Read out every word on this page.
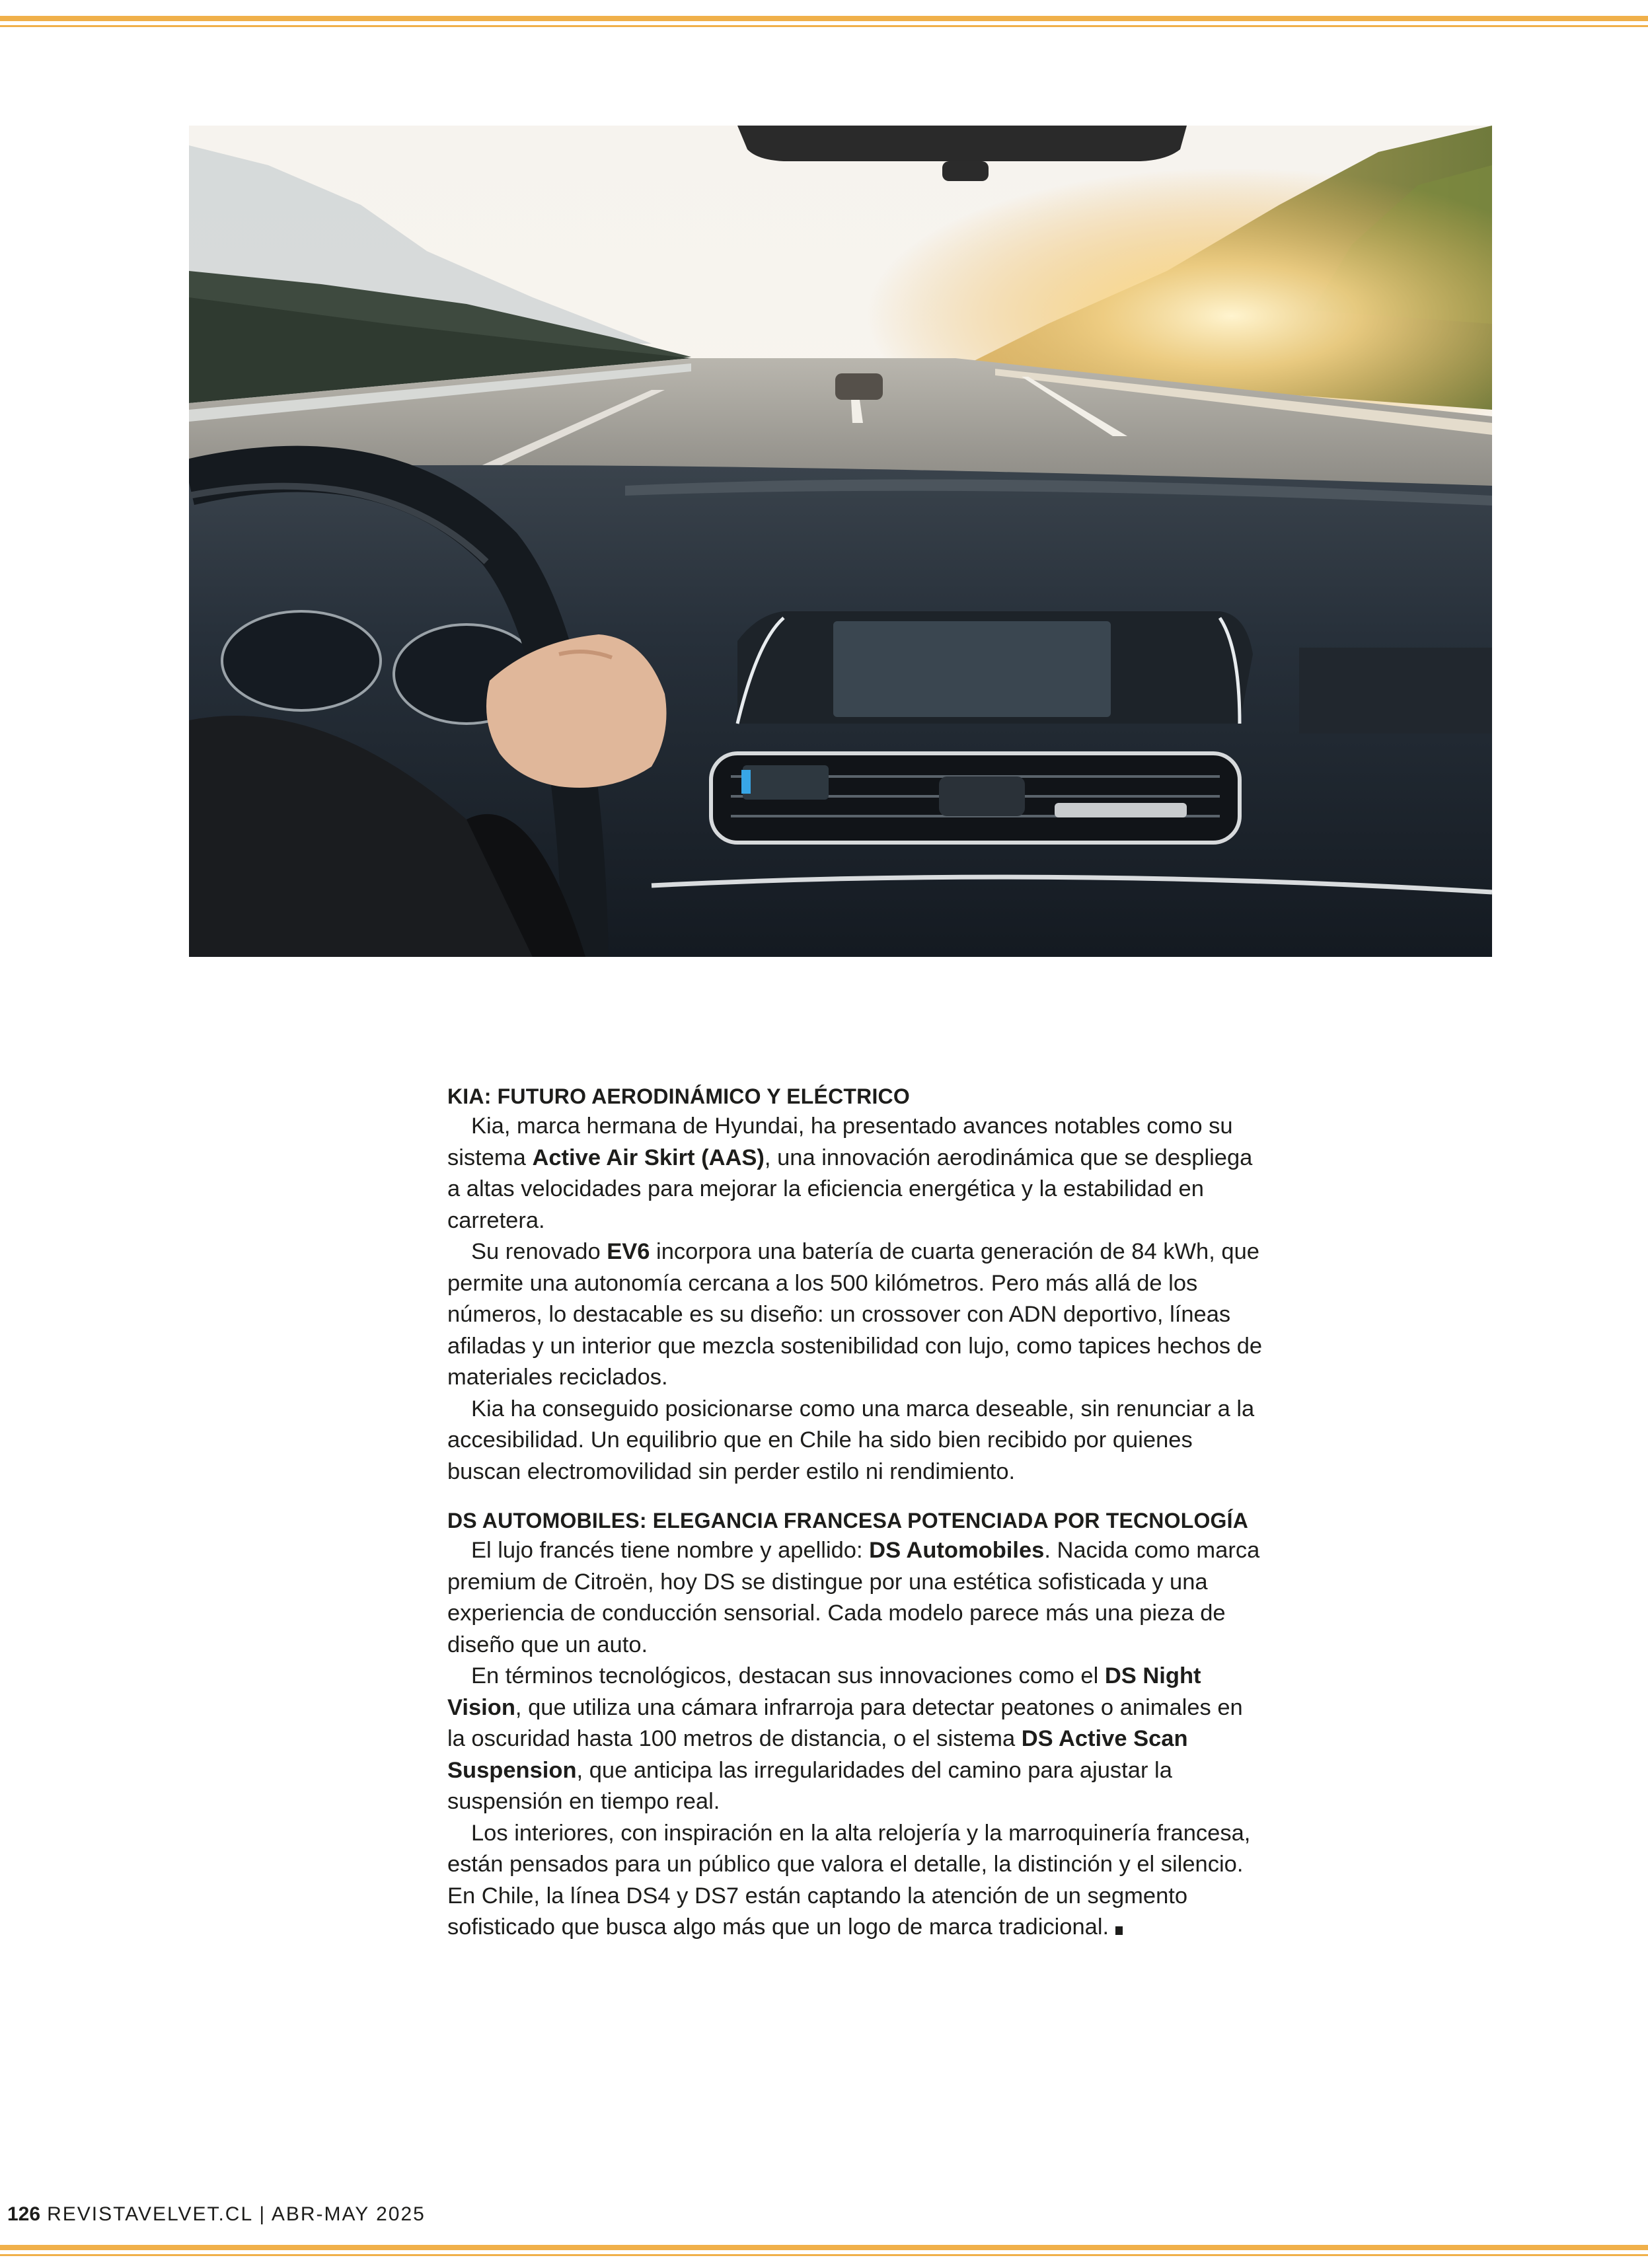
KIA: FUTURO AERODINÁMICO Y ELÉCTRICO

Kia, marca hermana de Hyundai, ha presentado avances notables como su sistema Active Air Skirt (AAS), una innovación aerodinámica que se despliega a altas velocidades para mejorar la eficiencia energética y la estabilidad en carretera.

Su renovado EV6 incorpora una batería de cuarta generación de 84 kWh, que permite una autonomía cercana a los 500 kilómetros. Pero más allá de los números, lo destacable es su diseño: un crossover con ADN deportivo, líneas afiladas y un interior que mezcla sostenibilidad con lujo, como tapices hechos de materiales reciclados.

Kia ha conseguido posicionarse como una marca deseable, sin renunciar a la accesibilidad. Un equilibrio que en Chile ha sido bien recibido por quienes buscan electromovilidad sin perder estilo ni rendimiento.

DS AUTOMOBILES: ELEGANCIA FRANCESA POTENCIADA POR TECNOLOGÍA

El lujo francés tiene nombre y apellido: DS Automobiles. Nacida como marca premium de Citroën, hoy DS se distingue por una estética sofisticada y una experiencia de conducción sensorial. Cada modelo parece más una pieza de diseño que un auto.

En términos tecnológicos, destacan sus innovaciones como el DS Night Vision, que utiliza una cámara infrarroja para detectar peatones o animales en la oscuridad hasta 100 metros de distancia, o el sistema DS Active Scan Suspension, que anticipa las irregularidades del camino para ajustar la suspensión en tiempo real.

Los interiores, con inspiración en la alta relojería y la marroquinería francesa, están pensados para un público que valora el detalle, la distinción y el silencio. En Chile, la línea DS4 y DS7 están captando la atención de un segmento sofisticado que busca algo más que un logo de marca tradicional.

126 REVISTAVELVET.CL | ABR-MAY 2025
